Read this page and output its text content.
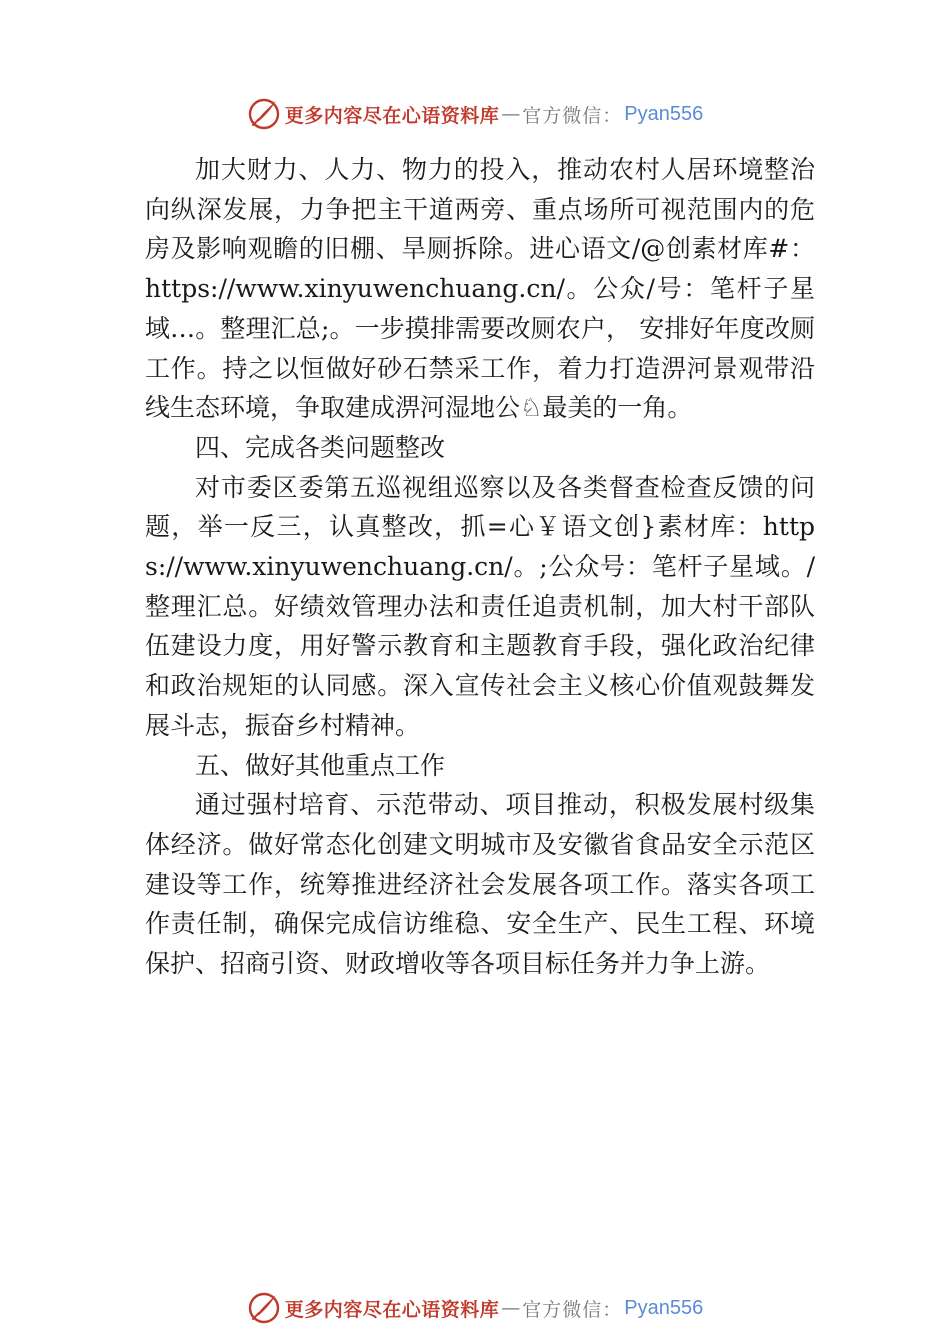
更多内容尽在心语资料库 — 官方微信： Pyan556

加大财力、人力、物力的投入，推动农村人居环境整治向纵深发展，力争把主干道两旁、重点场所可视范围内的危房及影响观瞻的旧棚、旱厕拆除。进心语文/@创素材库#：https://www.xinyuwenchuang.cn/。公众/号：笔杆子星域…。整理汇总;。一步摸排需要改厕农户， 安排好年度改厕工作。持之以恒做好砂石禁采工作，着力打造淠河景观带沿线生态环境，争取建成淠河湿地公♘最美的一角。

四、完成各类问题整改

对市委区委第五巡视组巡察以及各类督查检查反馈的问题，举一反三，认真整改，抓=心￥语文创}素材库：https://www.xinyuwenchuang.cn/。;公众号：笔杆子星域。/整理汇总。好绩效管理办法和责任追责机制，加大村干部队伍建设力度，用好警示教育和主题教育手段，强化政治纪律和政治规矩的认同感。深入宣传社会主义核心价值观鼓舞发展斗志，振奋乡村精神。

五、做好其他重点工作

通过强村培育、示范带动、项目推动，积极发展村级集体经济。做好常态化创建文明城市及安徽省食品安全示范区建设等工作，统筹推进经济社会发展各项工作。落实各项工作责任制，确保完成信访维稳、安全生产、民生工程、环境保护、招商引资、财政增收等各项目标任务并力争上游。

更多内容尽在心语资料库 — 官方微信： Pyan556
